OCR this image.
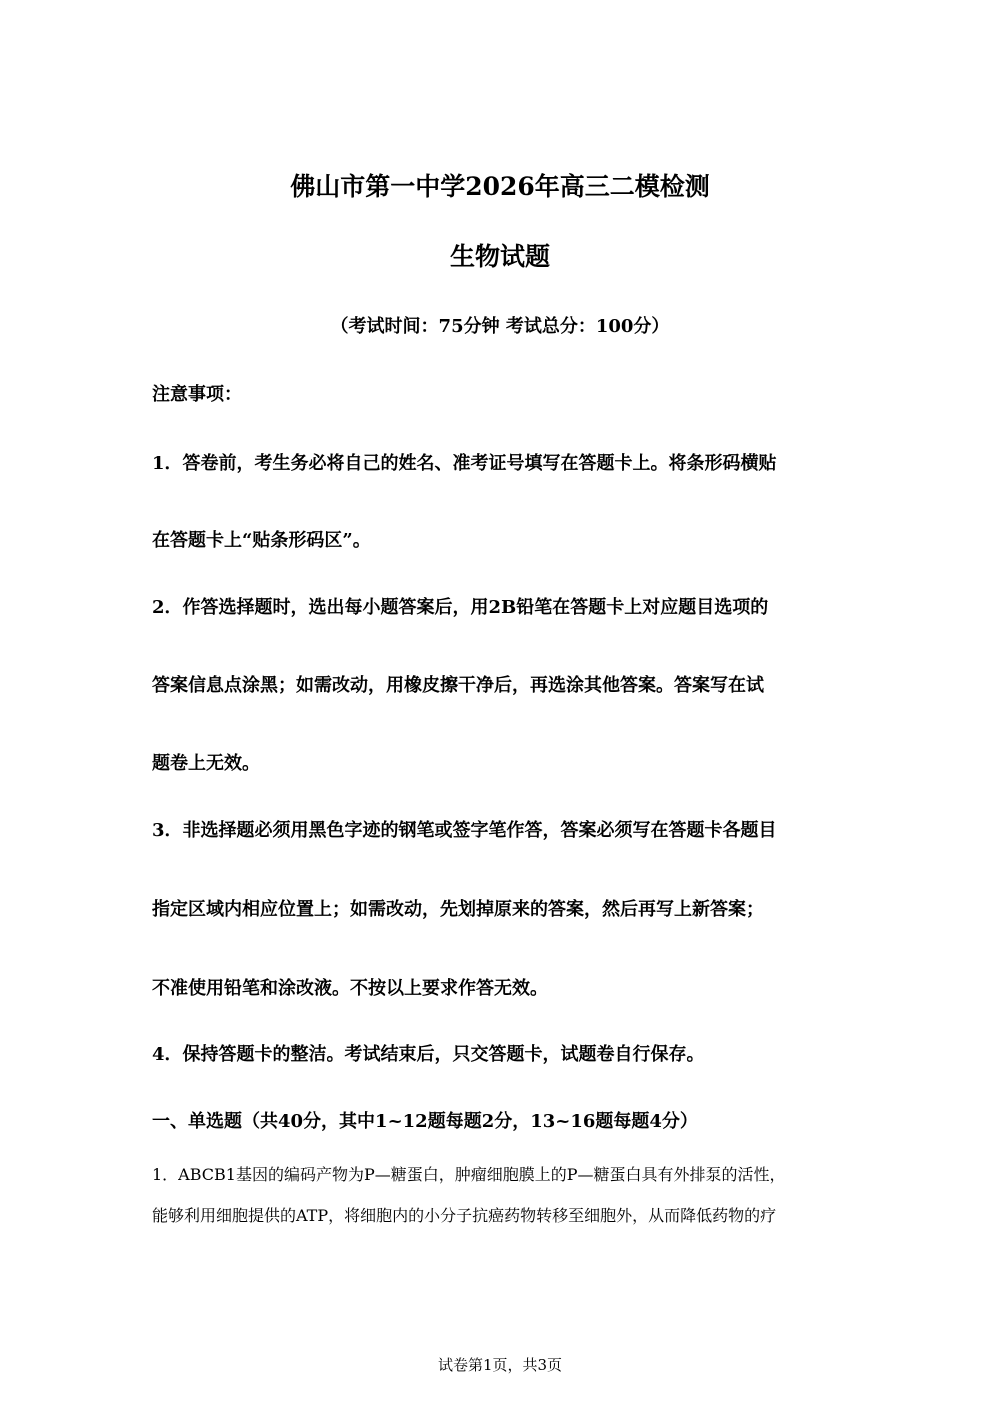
佛山市第一中学2026年高三二模检测
生物试题
（考试时间：75分钟 考试总分：100分）
注意事项：
1．答卷前，考生务必将自己的姓名、准考证号填写在答题卡上。将条形码横贴
在答题卡上“贴条形码区”。
2．作答选择题时，选出每小题答案后，用2B铅笔在答题卡上对应题目选项的
答案信息点涂黑；如需改动，用橡皮擦干净后，再选涂其他答案。答案写在试
题卷上无效。
3．非选择题必须用黑色字迹的钢笔或签字笔作答，答案必须写在答题卡各题目
指定区域内相应位置上；如需改动，先划掉原来的答案，然后再写上新答案；
不准使用铅笔和涂改液。不按以上要求作答无效。
4．保持答题卡的整洁。考试结束后，只交答题卡，试题卷自行保存。
一、单选题（共40分，其中1~12题每题2分，13~16题每题4分）
1．ABCB1基因的编码产物为P—糖蛋白，肿瘤细胞膜上的P—糖蛋白具有外排泵的活性，
能够利用细胞提供的ATP，将细胞内的小分子抗癌药物转移至细胞外，从而降低药物的疗
试卷第1页，共3页
